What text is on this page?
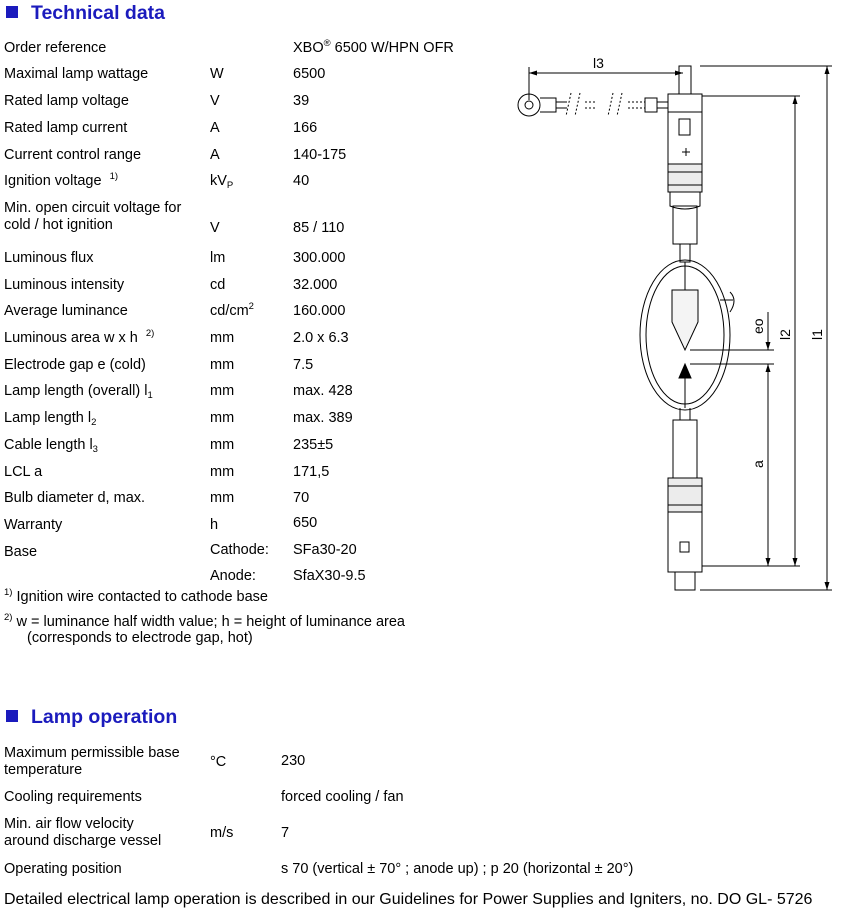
Technical data
Order reference	XBO® 6500 W/HPN OFR
Maximal lamp wattage	W	6500
Rated lamp voltage	V	39
Rated lamp current	A	166
Current control range	A	140-175
Ignition voltage $^{1)}$	$kV_P$	40
Min. open circuit voltage for
cold / hot ignition	V	85 / 110
Luminous flux	lm	300.000
Luminous intensity	cd	32.000
Average luminance	$cd/cm^2$	160.000
Luminous area w x h $^{2)}$	mm	2.0 x 6.3
Electrode gap e (cold)	mm	7.5
Lamp length (overall) $l_1$	mm	max. 428
Lamp length $l_2$	mm	max. 389
Cable length $l_3$	mm	235±5
LCL a	mm	171,5
Bulb diameter d, max.	mm	70
Warranty	h	650
Base	Cathode: SFa30-20
Anode:	SfaX30-9.5
$^{1)}$ Ignition wire contacted to cathode base
$^{2)}$ w = luminance half width value; h = height of luminance area
(corresponds to electrode gap, hot)
l3
l1
l2
eo
a
Lamp operation
Maximum permissible base
temperature	°C	230
Cooling requirements	forced cooling / fan
Min. air flow velocity
around discharge vessel	m/s	7
Operating position	s 70 (vertical ± 70° ; anode up) ; p 20 (horizontal ± 20°)
Detailed electrical lamp operation is described in our Guidelines for Power Supplies and Igniters, no. DO GL- 5726
